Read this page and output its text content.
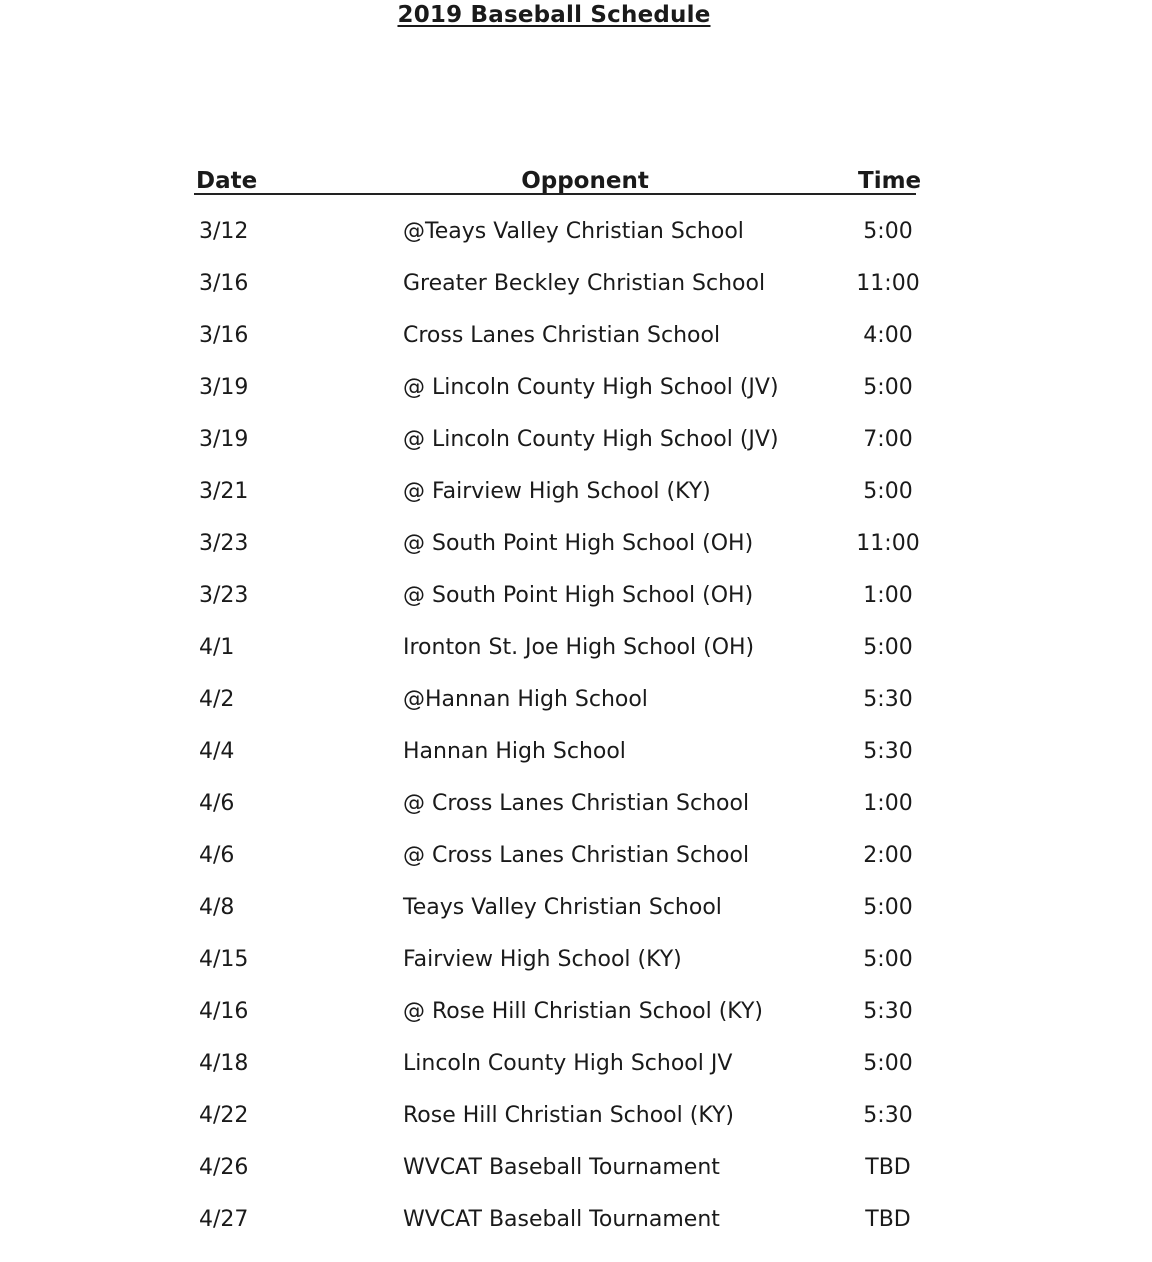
2019 Baseball Schedule
Date	Opponent	Time
3/12	@Teays Valley Christian School	5:00
3/16	Greater Beckley Christian School	11:00
3/16	Cross Lanes Christian School	4:00
3/19	@ Lincoln County High School (JV)	5:00
3/19	@ Lincoln County High School (JV)	7:00
3/21	@ Fairview High School (KY)	5:00
3/23	@ South Point High School (OH)	11:00
3/23	@ South Point High School (OH)	1:00
4/1	Ironton St. Joe High School (OH)	5:00
4/2	@Hannan High School	5:30
4/4	Hannan High School	5:30
4/6	@ Cross Lanes Christian School	1:00
4/6	@ Cross Lanes Christian School	2:00
4/8	Teays Valley Christian School	5:00
4/15	Fairview High School (KY)	5:00
4/16	@ Rose Hill Christian School (KY)	5:30
4/18	Lincoln County High School JV	5:00
4/22	Rose Hill Christian School (KY)	5:30
4/26	WVCAT Baseball Tournament	TBD
4/27	WVCAT Baseball Tournament	TBD
